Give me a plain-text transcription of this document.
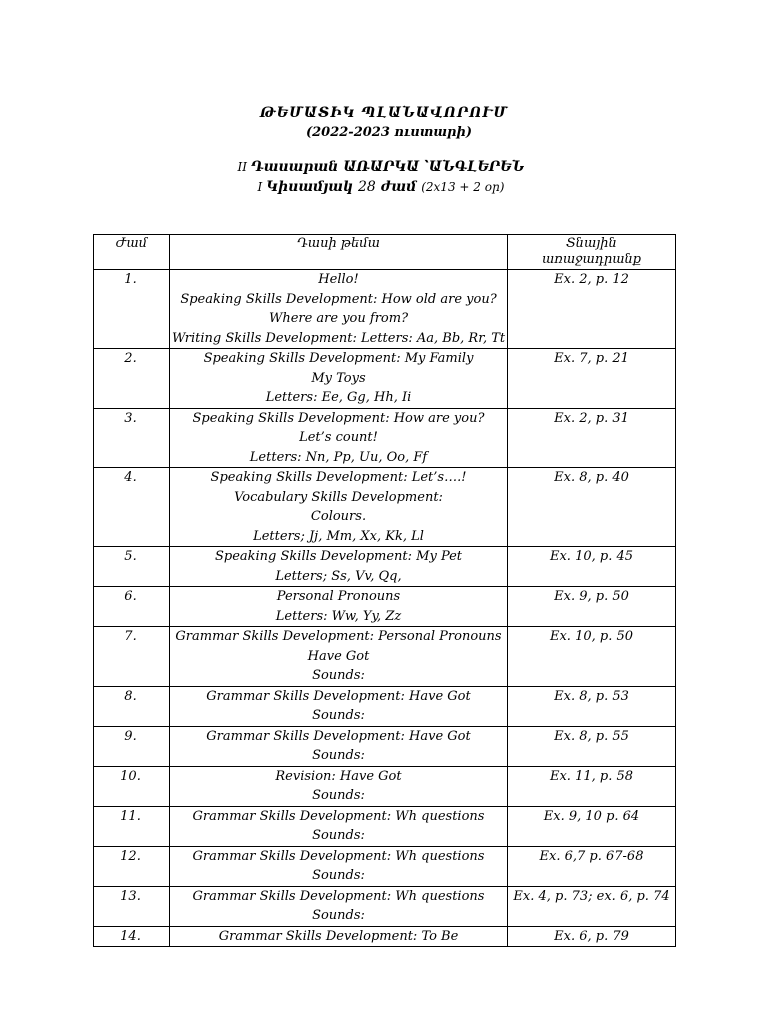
ԹԵՄԱՏԻԿ ՊԼԱՆԱՎՈՐՈՒՄ
(2022-2023 ուստարի)
II Դասարան ԱՌԱՐԿԱ ՝ԱՆԳԼԵՐԵՆ
I Կիսամյակ 28 ժամ (2x13 + 2 օր)
Ժամ	Դասի թեմա	Տնային
առաջադրանք

1.	Hello!
Speaking Skills Development: How old are you?
Where are you from?
Writing Skills Development: Letters: Aa, Bb, Rr, Tt	Ex. 2, p. 12
2.	Speaking Skills Development: My Family
My Toys
Letters: Ee, Gg, Hh, Ii	Ex. 7, p. 21
3.	Speaking Skills Development: How are you?
Let’s count!
Letters: Nn, Pp, Uu, Oo, Ff	Ex. 2, p. 31
4.	Speaking Skills Development: Let’s….!
Vocabulary Skills Development:
Colours.
Letters; Jj, Mm, Xx, Kk, Ll	Ex. 8, p. 40
5.	Speaking Skills Development: My Pet
Letters; Ss, Vv, Qq,	Ex. 10, p. 45
6.	Personal Pronouns
Letters: Ww, Yy, Zz	Ex. 9, p. 50
7.	Grammar Skills Development: Personal Pronouns
Have Got
Sounds:	Ex. 10, p. 50
8.	Grammar Skills Development: Have Got
Sounds:	Ex. 8, p. 53
9.	Grammar Skills Development: Have Got
Sounds:	Ex. 8, p. 55
10.	Revision: Have Got
Sounds:	Ex. 11, p. 58
11.	Grammar Skills Development: Wh questions
Sounds:	Ex. 9, 10 p. 64
12.	Grammar Skills Development: Wh questions
Sounds:	Ex. 6,7 p. 67-68
13.	Grammar Skills Development: Wh questions
Sounds:	Ex. 4, p. 73; ex. 6, p. 74
14.	Grammar Skills Development: To Be	Ex. 6, p. 79
